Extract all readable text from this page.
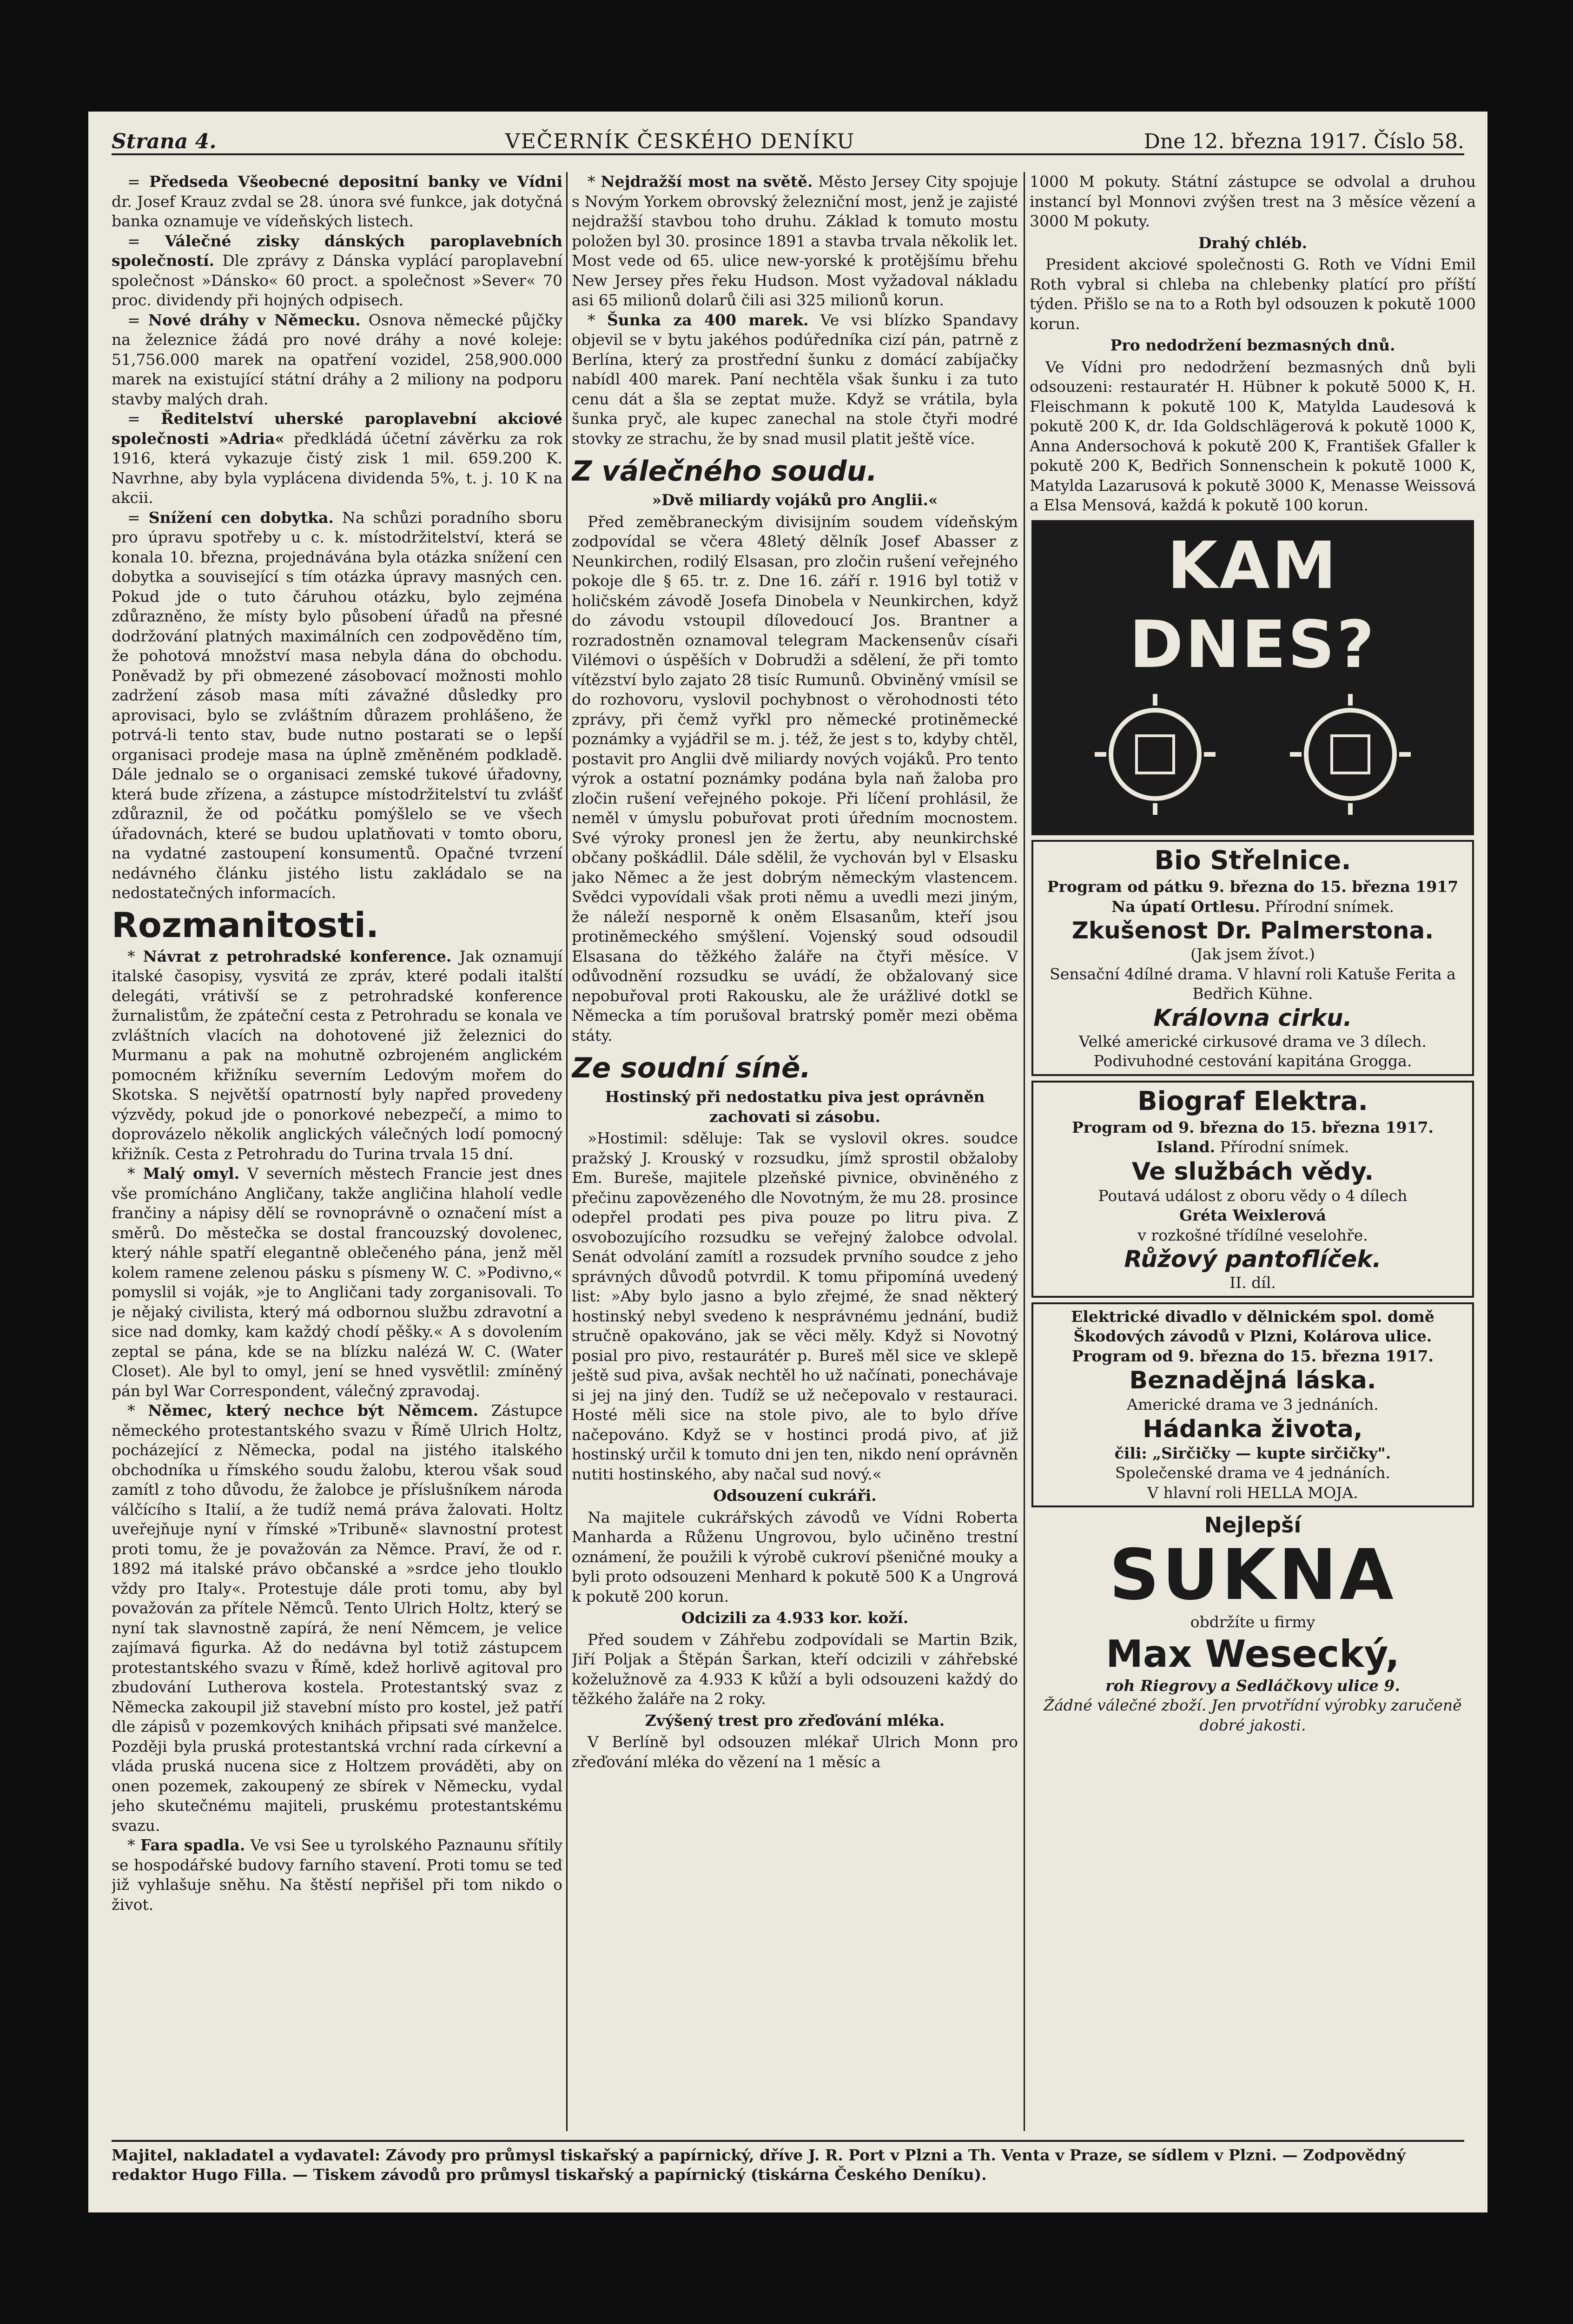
Strana 4.	VEČERNÍK ČESKÉHO DENÍKU	Dne 12. března 1917. Číslo 58.

= Předseda Všeobecné depositní banky ve Vídni dr. Josef Krauz zvdal se 28. února své funkce, jak dotyčná banka oznamuje ve vídeňských listech.

= Válečné zisky dánských paroplavebních společností. Dle zprávy z Dánska vyplácí paroplavební společnost »Dánsko« 60 proct. a společnost »Sever« 70 proc. dividendy při hojných odpisech.

= Nové dráhy v Německu. Osnova německé půjčky na železnice žádá pro nové dráhy a nové koleje: 51,756.000 marek na opatření vozidel, 258,900.000 marek na existující státní dráhy a 2 miliony na podporu stavby malých drah.

= Ředitelství uherské paroplavební akciové společnosti »Adria« předkládá účetní závěrku za rok 1916, která vykazuje čistý zisk 1 mil. 659.200 K. Navrhne, aby byla vyplácena dividenda 5%, t. j. 10 K na akcii.

= Snížení cen dobytka. Na schůzi poradního sboru pro úpravu spotřeby u c. k. místodržitelství, která se konala 10. března, projednávána byla otázka snížení cen dobytka a související s tím otázka úpravy masných cen. Pokud jde o tuto čáruhou otázku, bylo zejména zdůrazněno, že místy bylo působení úřadů na přesné dodržování platných maximálních cen zodpověděno tím, že pohotová množství masa nebyla dána do obchodu. Poněvadž by při obmezené zásobovací možnosti mohlo zadržení zásob masa míti závažné důsledky pro aprovisaci, bylo se zvláštním důrazem prohlášeno, že potrvá-li tento stav, bude nutno postarati se o lepší organisaci prodeje masa na úplně změněném podkladě. Dále jednalo se o organisaci zemské tukové úřadovny, která bude zřízena, a zástupce místodržitelství tu zvlášť zdůraznil, že od počátku pomýšlelo se ve všech úřadovnách, které se budou uplatňovati v tomto oboru, na vydatné zastoupení konsumentů. Opačné tvrzení nedávného článku jistého listu zakládalo se na nedostatečných informacích.

Rozmanitosti.

* Návrat z petrohradské konference. Jak oznamují italské časopisy, vysvitá ze zpráv, které podali italští delegáti, vrátivší se z petrohradské konference žurnalistům, že zpáteční cesta z Petrohradu se konala ve zvláštních vlacích na dohotovené již železnici do Murmanu a pak na mohutně ozbrojeném anglickém pomocném křižníku severním Ledovým mořem do Skotska. S největší opatrností byly napřed provedeny výzvědy, pokud jde o ponorkové nebezpečí, a mimo to doprovázelo několik anglických válečných lodí pomocný křižník. Cesta z Petrohradu do Turina trvala 15 dní.

* Malý omyl. V severních městech Francie jest dnes vše promícháno Angličany, takže angličina hlaholí vedle frančiny a nápisy dělí se rovnoprávně o označení míst a směrů. Do městečka se dostal francouzský dovolenec, který náhle spatří elegantně oblečeného pána, jenž měl kolem ramene zelenou pásku s písmeny W. C. »Podivno,« pomyslil si voják, »je to Angličani tady zorganisovali. To je nějaký civilista, který má odbornou službu zdravotní a sice nad domky, kam každý chodí pěšky.« A s dovolením zeptal se pána, kde se na blízku nalézá W. C. (Water Closet). Ale byl to omyl, jení se hned vysvětlil: zmíněný pán byl War Correspondent, válečný zpravodaj.

* Němec, který nechce být Němcem. Zástupce německého protestantského svazu v Římě Ulrich Holtz, pocházející z Německa, podal na jistého italského obchodníka u římského soudu žalobu, kterou však soud zamítl z toho důvodu, že žalobce je příslušníkem národa válčícího s Italií, a že tudíž nemá práva žalovati. Holtz uveřejňuje nyní v římské »Tribuně« slavnostní protest proti tomu, že je považován za Němce. Praví, že od r. 1892 má italské právo občanské a »srdce jeho tlouklo vždy pro Italy«. Protestuje dále proti tomu, aby byl považován za přítele Němců. Tento Ulrich Holtz, který se nyní tak slavnostně zapírá, že není Němcem, je velice zajímavá figurka. Až do nedávna byl totiž zástupcem protestantského svazu v Římě, kdež horlivě agitoval pro zbudování Lutherova kostela. Protestantský svaz z Německa zakoupil již stavební místo pro kostel, jež patří dle zápisů v pozemkových knihách připsati své manželce. Později byla pruská protestantská vrchní rada církevní a vláda pruská nucena sice z Holtzem prováděti, aby on onen pozemek, zakoupený ze sbírek v Německu, vydal jeho skutečnému majiteli, pruskému protestantskému svazu.

* Fara spadla. Ve vsi See u tyrolského Paznaunu sřítily se hospodářské budovy farního stavení. Proti tomu se teď již vyhlašuje sněhu. Na štěstí nepřišel při tom nikdo o život.

* Nejdražší most na světě. Město Jersey City spojuje s Novým Yorkem obrovský železniční most, jenž je zajisté nejdražší stavbou toho druhu. Základ k tomuto mostu položen byl 30. prosince 1891 a stavba trvala několik let. Most vede od 65. ulice new-yorské k protějšímu břehu New Jersey přes řeku Hudson. Most vyžadoval nákladu asi 65 milionů dolarů čili asi 325 milionů korun.

* Šunka za 400 marek. Ve vsi blízko Spandavy objevil se v bytu jakéhos podúředníka cizí pán, patrně z Berlína, který za prostřední šunku z domácí zabíjačky nabídl 400 marek. Paní nechtěla však šunku i za tuto cenu dát a šla se zeptat muže. Když se vrátila, byla šunka pryč, ale kupec zanechal na stole čtyři modré stovky ze strachu, že by snad musil platit ještě více.

Z válečného soudu.

»Dvě miliardy vojáků pro Anglii.«

Před zeměbraneckým divisijním soudem vídeňským zodpovídal se včera 48letý dělník Josef Abasser z Neunkirchen, rodilý Elsasan, pro zločin rušení veřejného pokoje dle § 65. tr. z. Dne 16. září r. 1916 byl totiž v holičském závodě Josefa Dinobela v Neunkirchen, když do závodu vstoupil dílovedoucí Jos. Brantner a rozradostněn oznamoval telegram Mackensenův císaři Vilémovi o úspěších v Dobrudži a sdělení, že při tomto vítězství bylo zajato 28 tisíc Rumunů. Obviněný vmísil se do rozhovoru, vyslovil pochybnost o věrohodnosti této zprávy, při čemž vyřkl pro německé protiněmecké poznámky a vyjádřil se m. j. též, že jest s to, kdyby chtěl, postavit pro Anglii dvě miliardy nových vojáků. Pro tento výrok a ostatní poznámky podána byla naň žaloba pro zločin rušení veřejného pokoje. Při líčení prohlásil, že neměl v úmyslu pobuřovat proti úředním mocnostem. Své výroky pronesl jen že žertu, aby neunkirchské občany poškádlil. Dále sdělil, že vychován byl v Elsasku jako Němec a že jest dobrým německým vlastencem. Svědci vypovídali však proti němu a uvedli mezi jiným, že náleží nesporně k oněm Elsasanům, kteří jsou protiněmeckého smýšlení. Vojenský soud odsoudil Elsasana do těžkého žaláře na čtyři měsíce. V odůvodnění rozsudku se uvádí, že obžalovaný sice nepobuřoval proti Rakousku, ale že urážlivé dotkl se Německa a tím porušoval bratrský poměr mezi oběma státy.

Ze soudní síně.

Hostinský při nedostatku piva jest oprávněn zachovati si zásobu.

»Hostimil: sděluje: Tak se vyslovil okres. soudce pražský J. Krouský v rozsudku, jímž sprostil obžaloby Em. Bureše, majitele plzeňské pivnice, obviněného z přečinu zapovězeného dle Novotným, že mu 28. prosince odepřel prodati pes piva pouze po litru piva. Z osvobozujícího rozsudku se veřejný žalobce odvolal. Senát odvolání zamítl a rozsudek prvního soudce z jeho správných důvodů potvrdil. K tomu připomíná uvedený list: »Aby bylo jasno a bylo zřejmé, že snad některý hostinský nebyl svedeno k nesprávnému jednání, budiž stručně opakováno, jak se věci měly. Když si Novotný posial pro pivo, restaurátér p. Bureš měl sice ve sklepě ještě sud piva, avšak nechtěl ho už načínati, ponechávaje si jej na jiný den. Tudíž se už nečepovalo v restauraci. Hosté měli sice na stole pivo, ale to bylo dříve načepováno. Když se v hostinci prodá pivo, ať již hostinský určil k tomuto dni jen ten, nikdo není oprávněn nutiti hostinského, aby načal sud nový.«

Odsouzení cukráři.

Na majitele cukrářských závodů ve Vídni Roberta Manharda a Růženu Ungrovou, bylo učiněno trestní oznámení, že použili k výrobě cukroví pšeničné mouky a byli proto odsouzeni Menhard k pokutě 500 K a Ungrová k pokutě 200 korun.

Odcizili za 4.933 kor. koží.

Před soudem v Záhřebu zodpovídali se Martin Bzik, Jiří Poljak a Štěpán Šarkan, kteří odcizili v záhřebské koželužnově za 4.933 K kůží a byli odsouzeni každý do těžkého žaláře na 2 roky.

Zvýšený trest pro zřeďování mléka.

V Berlíně byl odsouzen mlékař Ulrich Monn pro zřeďování mléka do vězení na 1 měsíc a

1000 M pokuty. Státní zástupce se odvolal a druhou instancí byl Monnovi zvýšen trest na 3 měsíce vězení a 3000 M pokuty.

Drahý chléb.

President akciové společnosti G. Roth ve Vídni Emil Roth vybral si chleba na chlebenky platící pro příští týden. Přišlo se na to a Roth byl odsouzen k pokutě 1000 korun.

Pro nedodržení bezmasných dnů.

Ve Vídni pro nedodržení bezmasných dnů byli odsouzeni: restauratér H. Hübner k pokutě 5000 K, H. Fleischmann k pokutě 100 K, Matylda Laudesová k pokutě 200 K, dr. Ida Goldschlägerová k pokutě 1000 K, Anna Andersochová k pokutě 200 K, František Gfaller k pokutě 200 K, Bedřich Sonnenschein k pokutě 1000 K, Matylda Lazarusová k pokutě 3000 K, Menasse Weissová a Elsa Mensová, každá k pokutě 100 korun.

KAM DNES?
Bio Střelnice.
Program od pátku 9. března do 15. března 1917
Na úpatí Ortlesu. Přírodní snímek.
Zkušenost Dr. Palmerstona.
(Jak jsem žívot.)
Sensační 4dílné drama. V hlavní roli Katuše Ferita a Bedřich Kühne.
Královna cirku.
Velké americké cirkusové drama ve 3 dílech.
Podivuhodné cestování kapitána Grogga.
Biograf Elektra.
Program od 9. března do 15. března 1917.
Island. Přírodní snímek.
Ve službách vědy.
Poutavá událost z oboru vědy o 4 dílech
Gréta Weixlerová
v rozkošné třídílné veselohře.
Růžový pantoflíček.
II. díl.
Elektrické divadlo v dělnickém spol. domě Škodových závodů v Plzni, Kolárova ulice.
Program od 9. března do 15. března 1917.
Beznadějná láska.
Americké drama ve 3 jednáních.
Hádanka života,
čili: „Sirčičky — kupte sirčičky".
Společenské drama ve 4 jednáních.
V hlavní roli HELLA MOJA.
Nejlepší
SUKNA
obdržíte u firmy
Max Wesecký,
roh Riegrovy a Sedláčkovy ulice 9.
Žádné válečné zboží. Jen prvotřídní výrobky zaručeně dobré jakosti.
Majitel, nakladatel a vydavatel: Závody pro průmysl tiskařský a papírnický, dříve J. R. Port v Plzni a Th. Venta v Praze, se sídlem v Plzni. — Zodpovědný redaktor Hugo Filla. — Tiskem závodů pro průmysl tiskařský a papírnický (tiskárna Českého Deníku).
